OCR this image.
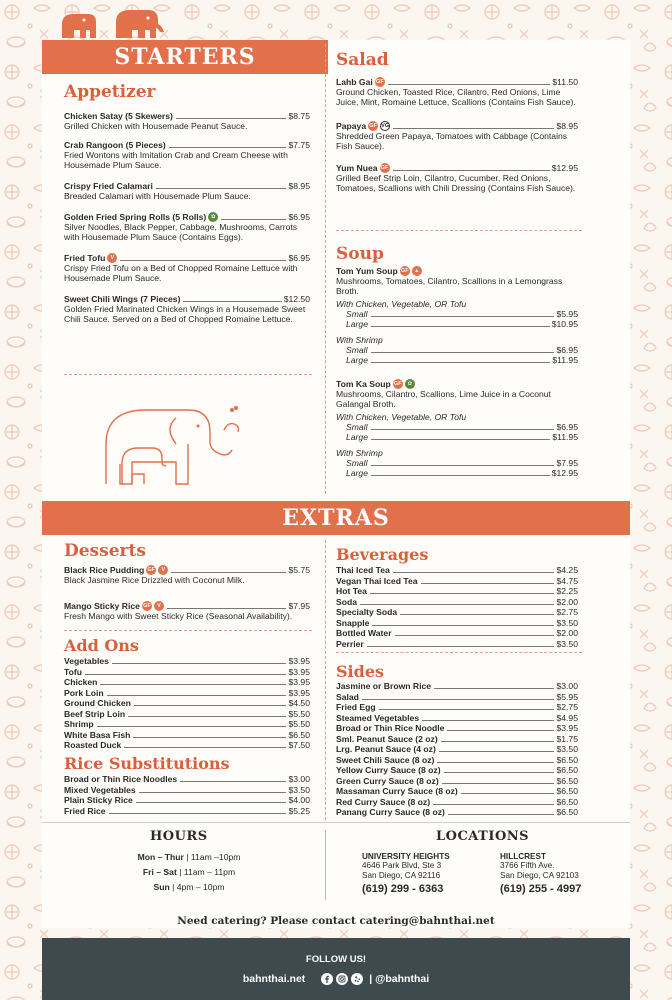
STARTERS
Appetizer
Chicken Satay (5 Skewers)	$8.75
Grilled Chicken with Housemade Peanut Sauce.
Crab Rangoon (5 Pieces)	$7.75
Fried Wontons with Imitation Crab and Cream Cheese with Housemade Plum Sauce.
Crispy Fried Calamari	$8.95
Breaded Calamari with Housemade Plum Sauce.
Golden Fried Spring Rolls (5 Rolls) ✿	$6.95
Silver Noodles, Black Pepper, Cabbage, Mushrooms, Carrots with Housemade Plum Sauce (Contains Eggs).
Fried Tofu V	$6.95
Crispy Fried Tofu on a Bed of Chopped Romaine Lettuce with Housemade Plum Sauce.
Sweet Chili Wings (7 Pieces)	$12.50
Golden Fried Marinated Chicken Wings in a Housemade Sweet Chili Sauce. Served on a Bed of Chopped Romaine Lettuce.
Salad
Lahb Gai GF	$11.50
Ground Chicken, Toasted Rice, Cilantro, Red Onions, Lime Juice, Mint, Romaine Lettuce, Scallions (Contains Fish Sauce).
Papaya GF VG	$8.95
Shredded Green Papaya, Tomatoes with Cabbage (Contains Fish Sauce).
Yum Nuea GF	$12.95
Grilled Beef Strip Loin, Cilantro, Cucumber, Red Onions, Tomatoes, Scallions with Chili Dressing (Contains Fish Sauce).
Soup
Tom Yum Soup GF ▲
Mushrooms, Tomatoes, Cilantro, Scallions in a Lemongrass Broth.
With Chicken, Vegetable, OR Tofu
Small	$5.95
Large	$10.95
With Shrimp
Small	$6.95
Large	$11.95
Tom Ka Soup GF	✿
Mushrooms, Cilantro, Scallions, Lime Juice in a Coconut Galangal Broth.
With Chicken, Vegetable, OR Tofu
Small	$6.95
Large	$11.95
With Shrimp
Small	$7.95
Large	$12.95
EXTRAS
Desserts
Black Rice Pudding GF	V	$5.75
Black Jasmine Rice Drizzled with Coconut Milk.
Mango Sticky Rice GF	V	$7.95
Fresh Mango with Sweet Sticky Rice (Seasonal Availability).
Add Ons
Vegetables	$3.95
Tofu	$3.95
Chicken	$3.95
Pork Loin	$3.95
Ground Chicken	$4.50
Beef Strip Loin	$5.50
Shrimp	$5.50
White Basa Fish	$6.50
Roasted Duck	$7.50
Rice Substitutions
Broad or Thin Rice Noodles	$3.00
Mixed Vegetables	$3.50
Plain Sticky Rice	$4.00
Fried Rice	$5.25
Beverages
Thai Iced Tea	$4.25
Vegan Thai Iced Tea	$4.75
Hot Tea	$2.25
Soda	$2.00
Specialty Soda	$2.75
Snapple	$3.50
Bottled Water	$2.00
Perrier	$3.50
Sides
Jasmine or Brown Rice	$3.00
Salad	$5.95
Fried Egg	$2.75
Steamed Vegetables	$4.95
Broad or Thin Rice Noodle	$3.95
Sml. Peanut Sauce (2 oz)	$1.75
Lrg. Peanut Sauce (4 oz)	$3.50
Sweet Chili Sauce (8 oz)	$6.50
Yellow Curry Sauce (8 oz)	$6.50
Green Curry Sauce (8 oz)	$6.50
Massaman Curry Sauce (8 oz)	$6.50
Red Curry Sauce (8 oz)	$6.50
Panang Curry Sauce (8 oz)	$6.50
HOURS
Mon – Thur | 11am –10pm
Fri – Sat | 11am – 11pm
Sun | 4pm – 10pm
LOCATIONS
UNIVERSITY HEIGHTS
4646 Park Blvd, Ste 3
San Diego, CA 92116
(619) 299 - 6363
HILLCREST
3766 Fifth Ave.
San Diego, CA 92103
(619) 255 - 4997
Need catering? Please contact catering@bahnthai.net
FOLLOW US!
bahnthai.net	| @bahnthai
